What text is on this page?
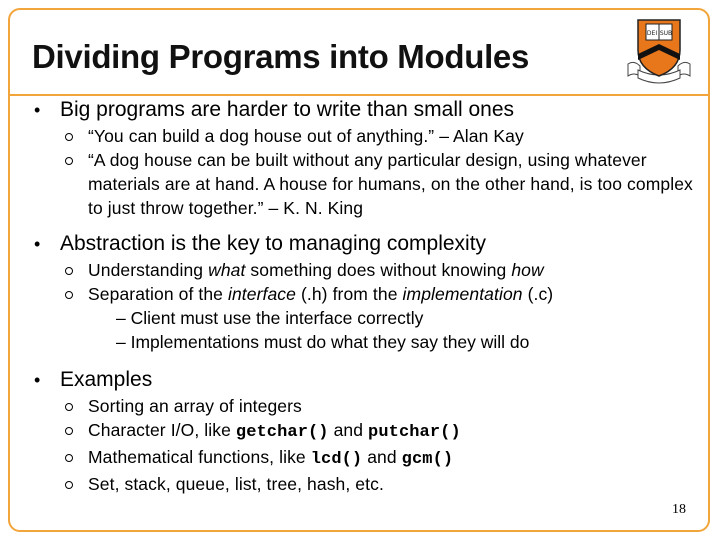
Dividing Programs into Modules
DEI SUB
• Big programs are harder to write than small ones
“You can build a dog house out of anything.” – Alan Kay
“A dog house can be built without any particular design, using whatever materials are at hand. A house for humans, on the other hand, is too complex to just throw together.” – K. N. King
• Abstraction is the key to managing complexity
Understanding what something does without knowing how
Separation of the interface (.h) from the implementation (.c)
– Client must use the interface correctly
– Implementations must do what they say they will do
• Examples
Sorting an array of integers
Character I/O, like getchar() and putchar()
Mathematical functions, like lcd() and gcm()
Set, stack, queue, list, tree, hash, etc.
18
